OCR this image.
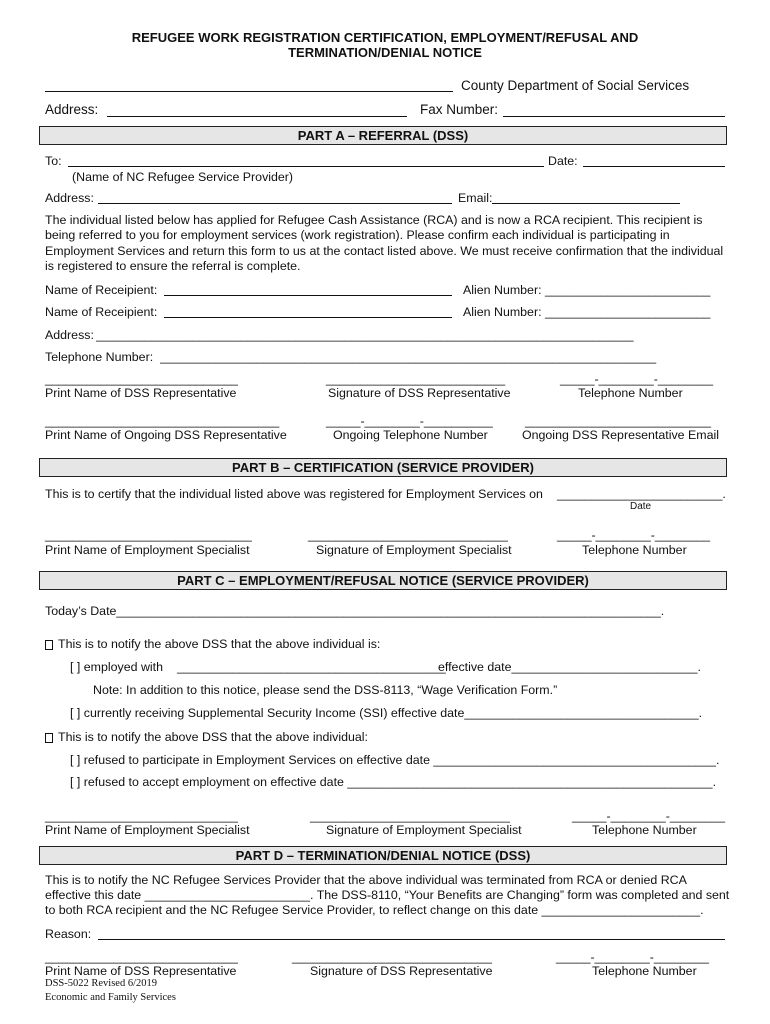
REFUGEE WORK REGISTRATION CERTIFICATION, EMPLOYMENT/REFUSAL AND
TERMINATION/DENIAL NOTICE
County Department of Social Services
Address:	Fax Number:
PART A – REFERRAL (DSS)
To:	Date:
(Name of NC Refugee Service Provider)
Address:	Email:
The individual listed below has applied for Refugee Cash Assistance (RCA) and is now a RCA recipient. This recipient is being referred to you for employment services (work registration). Please confirm each individual is participating in Employment Services and return this form to us at the contact listed above. We must receive confirmation that the individual is registered to ensure the referral is complete.
Name of Receipient:	Alien Number: ________________________
Name of Receipient:	Alien Number: ________________________
Address: ______________________________________________________________________________
Telephone Number: ________________________________________________________________________
____________________________	__________________________	_____-________-________
Print Name of DSS Representative	Signature of DSS Representative	Telephone Number
__________________________________	_____-________-__________	___________________________
Print Name of Ongoing DSS Representative	Ongoing Telephone Number	Ongoing DSS Representative Email
PART B – CERTIFICATION (SERVICE PROVIDER)
This is to certify that the individual listed above was registered for Employment Services on ________________________.
Date
______________________________	_____________________________	_____-________-________
Print Name of Employment Specialist	Signature of Employment Specialist	Telephone Number
PART C – EMPLOYMENT/REFUSAL NOTICE (SERVICE PROVIDER)
Today’s Date_______________________________________________________________________________.
This is to notify the above DSS that the above individual is:
[ ] employed with _______________________________________
effective date___________________________.
Note: In addition to this notice, please send the DSS-8113, “Wage Verification Form.”
[ ] currently receiving Supplemental Security Income (SSI) effective date__________________________________.
This is to notify the above DSS that the above individual:
[ ] refused to participate in Employment Services on effective date _________________________________________.
[ ] refused to accept employment on effective date _____________________________________________________.
____________________________	_____________________________	_____-________-________
Print Name of Employment Specialist	Signature of Employment Specialist	Telephone Number
PART D – TERMINATION/DENIAL NOTICE (DSS)
This is to notify the NC Refugee Services Provider that the above individual was terminated from RCA or denied RCA
effective this date ________________________. The DSS-8110, “Your Benefits are Changing” form was completed and sent
to both RCA recipient and the NC Refugee Service Provider, to reflect change on this date _______________________.
Reason:
____________________________	_____________________________	_____-________-________
Print Name of DSS Representative	Signature of DSS Representative	Telephone Number
DSS-5022 Revised 6/2019
Economic and Family Services
